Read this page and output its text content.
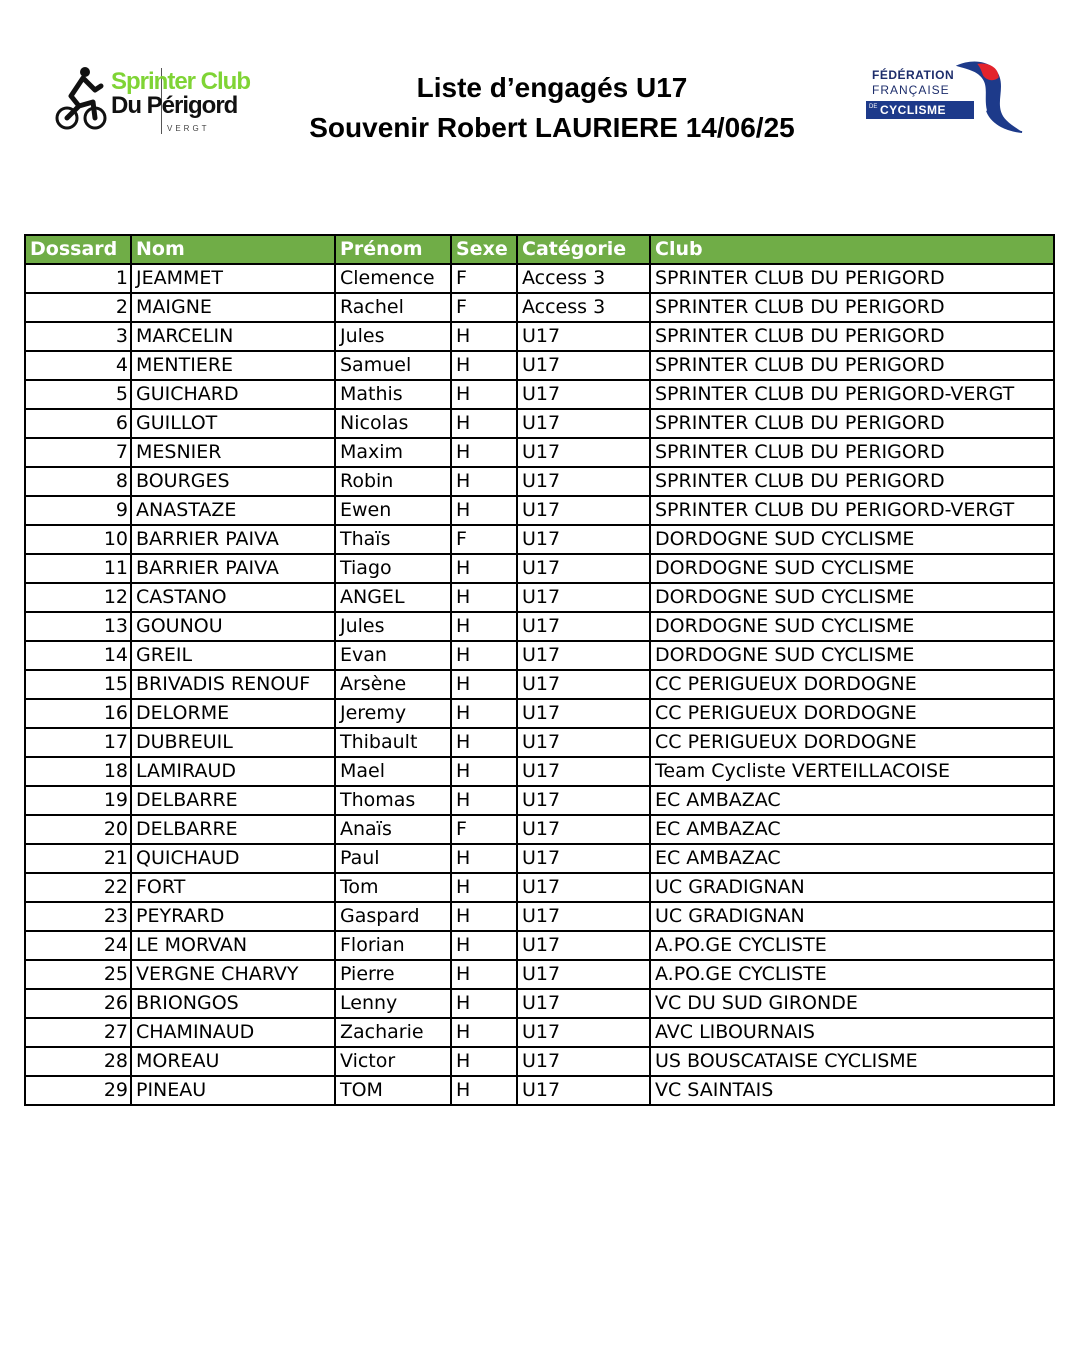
Sprinter Club
Du Périgord
VERGT
Liste d’engagés U17
Souvenir Robert LAURIERE 14/06/25
FÉDÉRATION
FRANÇAISE
DE CYCLISME
Dossard	Nom	Prénom	Sexe	Catégorie	Club
1	JEAMMET	Clemence	F	Access 3	SPRINTER CLUB DU PERIGORD
2	MAIGNE	Rachel	F	Access 3	SPRINTER CLUB DU PERIGORD
3	MARCELIN	Jules	H	U17	SPRINTER CLUB DU PERIGORD
4	MENTIERE	Samuel	H	U17	SPRINTER CLUB DU PERIGORD
5	GUICHARD	Mathis	H	U17	SPRINTER CLUB DU PERIGORD-VERGT
6	GUILLOT	Nicolas	H	U17	SPRINTER CLUB DU PERIGORD
7	MESNIER	Maxim	H	U17	SPRINTER CLUB DU PERIGORD
8	BOURGES	Robin	H	U17	SPRINTER CLUB DU PERIGORD
9	ANASTAZE	Ewen	H	U17	SPRINTER CLUB DU PERIGORD-VERGT
10	BARRIER PAIVA	Thaïs	F	U17	DORDOGNE SUD CYCLISME
11	BARRIER PAIVA	Tiago	H	U17	DORDOGNE SUD CYCLISME
12	CASTANO	ANGEL	H	U17	DORDOGNE SUD CYCLISME
13	GOUNOU	Jules	H	U17	DORDOGNE SUD CYCLISME
14	GREIL	Evan	H	U17	DORDOGNE SUD CYCLISME
15	BRIVADIS RENOUF	Arsène	H	U17	CC PERIGUEUX DORDOGNE
16	DELORME	Jeremy	H	U17	CC PERIGUEUX DORDOGNE
17	DUBREUIL	Thibault	H	U17	CC PERIGUEUX DORDOGNE
18	LAMIRAUD	Mael	H	U17	Team Cycliste VERTEILLACOISE
19	DELBARRE	Thomas	H	U17	EC AMBAZAC
20	DELBARRE	Anaïs	F	U17	EC AMBAZAC
21	QUICHAUD	Paul	H	U17	EC AMBAZAC
22	FORT	Tom	H	U17	UC GRADIGNAN
23	PEYRARD	Gaspard	H	U17	UC GRADIGNAN
24	LE MORVAN	Florian	H	U17	A.PO.GE CYCLISTE
25	VERGNE CHARVY	Pierre	H	U17	A.PO.GE CYCLISTE
26	BRIONGOS	Lenny	H	U17	VC DU SUD GIRONDE
27	CHAMINAUD	Zacharie	H	U17	AVC LIBOURNAIS
28	MOREAU	Victor	H	U17	US BOUSCATAISE CYCLISME
29	PINEAU	TOM	H	U17	VC SAINTAIS
